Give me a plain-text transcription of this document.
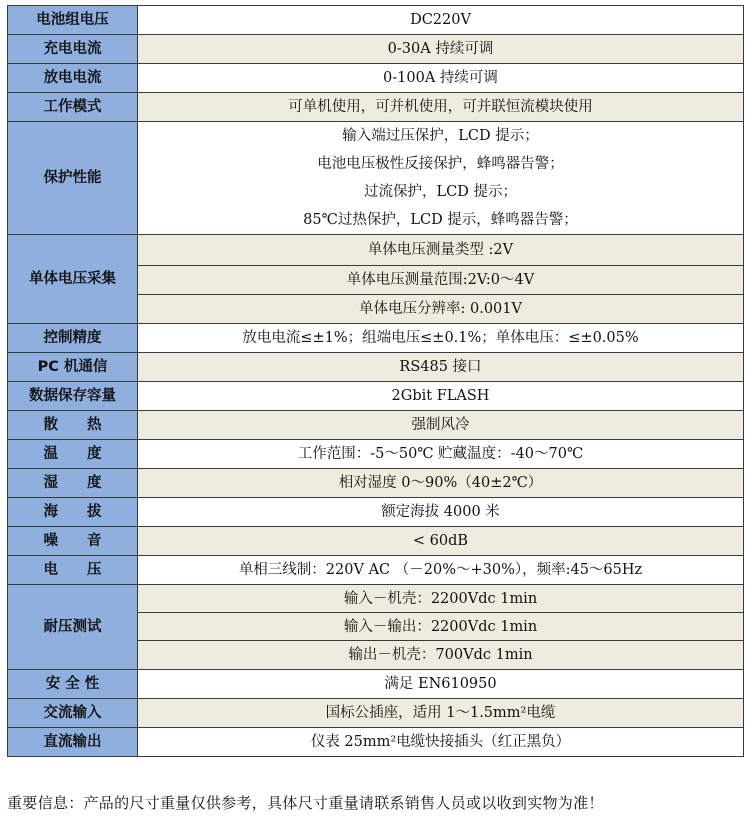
电池组电压	DC220V

充电电流	0-30A 持续可调

放电电流	0-100A 持续可调

工作模式	可单机使用，可并机使用，可并联恒流模块使用

保护性能	输入端过压保护，LCD 提示；
电池电压极性反接保护，蜂鸣器告警；
过流保护，LCD 提示；
85℃过热保护，LCD 提示，蜂鸣器告警；

单体电压采集	单体电压测量类型 :2V
	单体电压测量范围:2V:0～4V
	单体电压分辨率: 0.001V
控制精度	放电电流≤±1%；组端电压≤±0.1%；单体电压：≤±0.05%

PC 机通信	RS485 接口

数据保存容量	2Gbit FLASH

散　　热	强制风冷

温　　度	工作范围：-5～50℃ 贮藏温度：-40～70℃

湿　　度	相对湿度 0～90%（40±2℃）

海　　拔	额定海拔 4000 米

噪　　音	< 60dB

电　　压	单相三线制：220V AC （－20%～+30%），频率:45～65Hz

耐压测试	输入－机壳：2200Vdc 1min
	输入－输出：2200Vdc 1min
	输出－机壳：700Vdc 1min
安 全 性	满足 EN610950

交流输入	国标公插座，适用 1～1.5mm²电缆

直流输出	仪表 25mm²电缆快接插头（红正黑负）
重要信息：产品的尺寸重量仅供参考，具体尺寸重量请联系销售人员或以收到实物为准！
